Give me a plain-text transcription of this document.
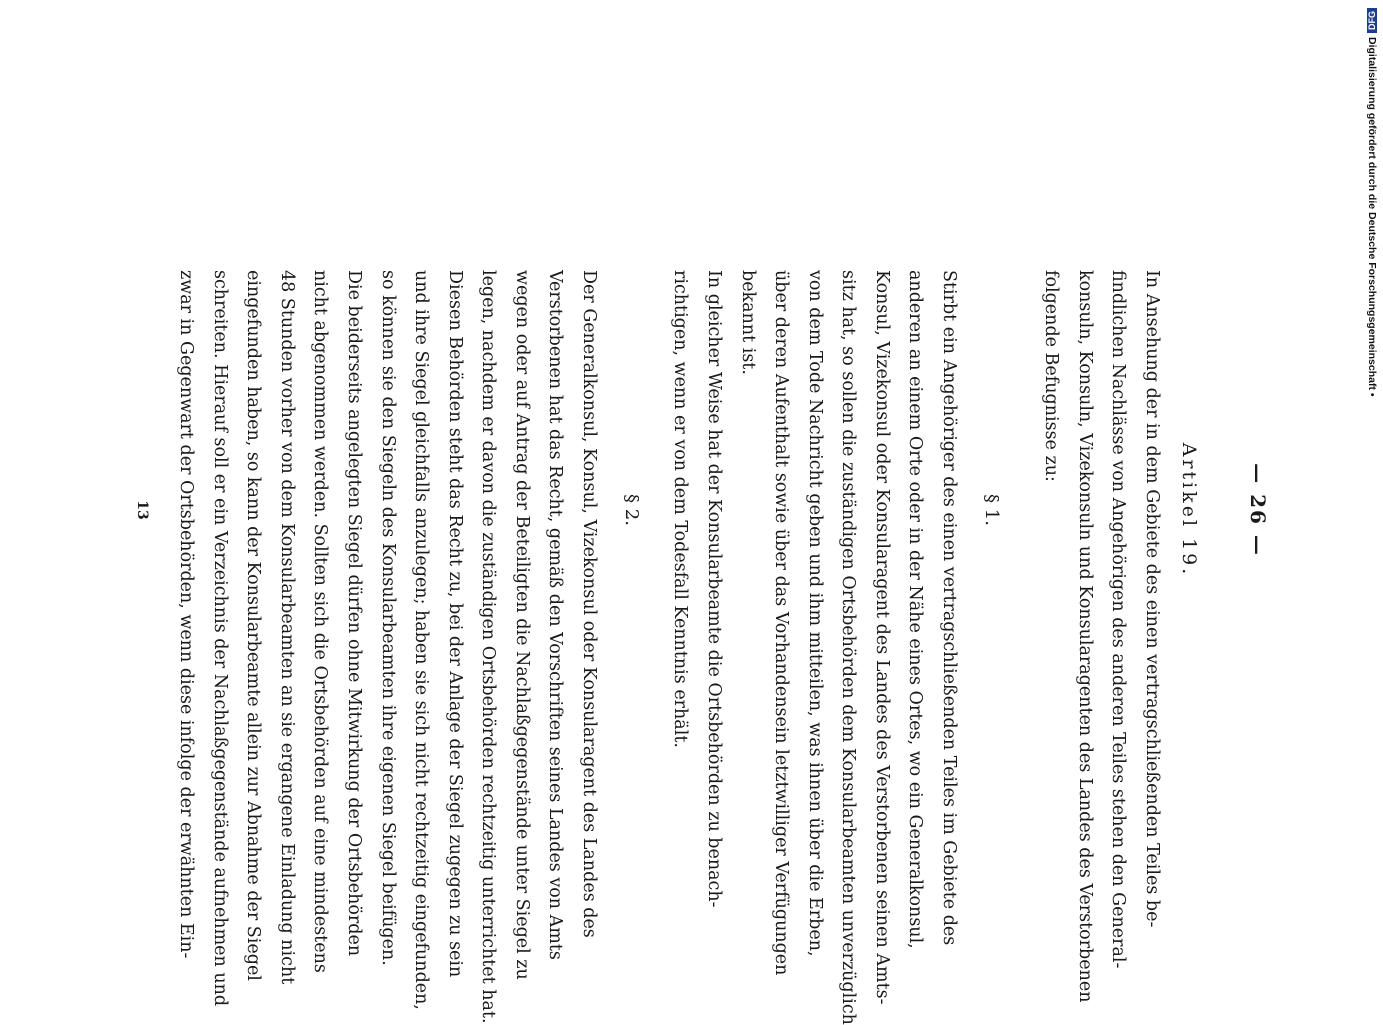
— 26 —
Artikel 19.
In Ansehung der in dem Gebiete des einen vertragschließenden Teiles be-
findlichen Nachlässe von Angehörigen des anderen Teiles stehen den General-
konsuln, Konsuln, Vizekonsuln und Konsularagenten des Landes des Verstorbenen
folgende Befugnisse zu:
§ 1.
Stirbt ein Angehöriger des einen vertragschließenden Teiles im Gebiete des
anderen an einem Orte oder in der Nähe eines Ortes, wo ein Generalkonsul,
Konsul, Vizekonsul oder Konsularagent des Landes des Verstorbenen seinen Amts-
sitz hat, so sollen die zuständigen Ortsbehörden dem Konsularbeamten unverzüglich
von dem Tode Nachricht geben und ihm mitteilen, was ihnen über die Erben,
über deren Aufenthalt sowie über das Vorhandensein letztwilliger Verfügungen
bekannt ist.
In gleicher Weise hat der Konsularbeamte die Ortsbehörden zu benach-
richtigen, wenn er von dem Todesfall Kenntnis erhält.
§ 2.
Der Generalkonsul, Konsul, Vizekonsul oder Konsularagent des Landes des
Verstorbenen hat das Recht, gemäß den Vorschriften seines Landes von Amts
wegen oder auf Antrag der Beteiligten die Nachlaßgegenstände unter Siegel zu
legen, nachdem er davon die zuständigen Ortsbehörden rechtzeitig unterrichtet hat.
Diesen Behörden steht das Recht zu, bei der Anlage der Siegel zugegen zu sein
und ihre Siegel gleichfalls anzulegen; haben sie sich nicht rechtzeitig eingefunden,
so können sie den Siegeln des Konsularbeamten ihre eigenen Siegel beifügen.
Die beiderseits angelegten Siegel dürfen ohne Mitwirkung der Ortsbehörden
nicht abgenommen werden. Sollten sich die Ortsbehörden auf eine mindestens
48 Stunden vorher von dem Konsularbeamten an sie ergangene Einladung nicht
eingefunden haben, so kann der Konsularbeamte allein zur Abnahme der Siegel
schreiten. Hierauf soll er ein Verzeichnis der Nachlaßgegenstände aufnehmen und
zwar in Gegenwart der Ortsbehörden, wenn diese infolge der erwähnten Ein-
13
DFGDigitalisierung gefördert durch die Deutsche Forschungsgemeinschaft •
